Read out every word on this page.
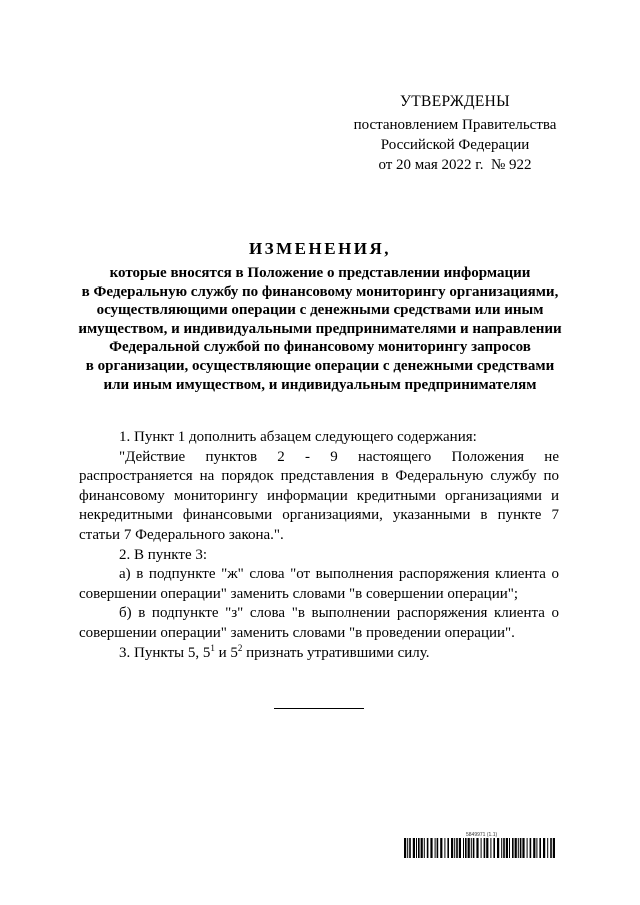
УТВЕРЖДЕНЫ
постановлением Правительства
Российской Федерации
от 20 мая 2022 г.  № 922
ИЗМЕНЕНИЯ,
которые вносятся в Положение о представлении информации
в Федеральную службу по финансовому мониторингу организациями,
осуществляющими операции с денежными средствами или иным
имуществом, и индивидуальными предпринимателями и направлении
Федеральной службой по финансовому мониторингу запросов
в организации, осуществляющие операции с денежными средствами
или иным имуществом, и индивидуальным предпринимателям

1. Пункт 1 дополнить абзацем следующего содержания:

"Действие пунктов 2 - 9 настоящего Положения не распространяется на порядок представления в Федеральную службу по финансовому мониторингу информации кредитными организациями и некредитными финансовыми организациями, указанными в пункте 7 статьи 7 Федерального закона.".

2. В пункте 3:

а) в подпункте "ж" слова "от выполнения распоряжения клиента о совершении операции" заменить словами "в совершении операции";

б) в подпункте "з" слова "в выполнении распоряжения клиента о совершении операции" заменить словами "в проведении операции".

3. Пункты 5, $5^1$ и $5^2$ признать утратившими силу.

5849971 (1.1)
